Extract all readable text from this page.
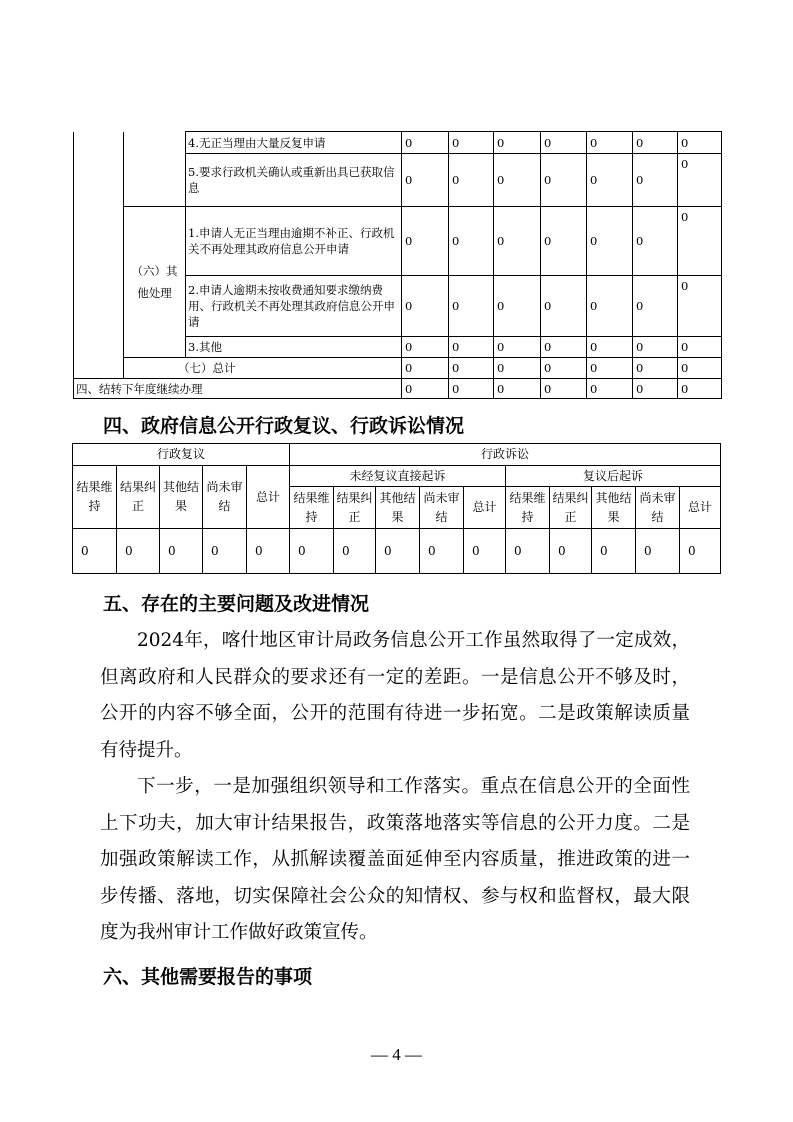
		4.无正当理由大量反复申请	0	0	0	0	0	0	0
		5.要求行政机关确认或重新出具已获取信息	0	0	0	0	0	0	0
	（六）其他处理	1.申请人无正当理由逾期不补正、行政机关不再处理其政府信息公开申请	0	0	0	0	0	0	0
		2.申请人逾期未按收费通知要求缴纳费用、行政机关不再处理其政府信息公开申请	0	0	0	0	0	0	0
		3.其他	0	0	0	0	0	0	0
	（七）总计		0	0	0	0	0	0	0
四、结转下年度继续办理			0	0	0	0	0	0	0
四、政府信息公开行政复议、行政诉讼情况
行政复议					行政诉讼									
结果维持	结果纠正	其他结果	尚未审结	总计	未经复议直接起诉					复议后起诉				
					结果维持	结果纠正	其他结果	尚未审结	总计	结果维持	结果纠正	其他结果	尚未审结	总计
0	0	0	0	0	0	0	0	0	0	0	0	0	0	0
五、存在的主要问题及改进情况

2024年，喀什地区审计局政务信息公开工作虽然取得了一定成效，但离政府和人民群众的要求还有一定的差距。一是信息公开不够及时，公开的内容不够全面，公开的范围有待进一步拓宽。二是政策解读质量有待提升。

下一步，一是加强组织领导和工作落实。重点在信息公开的全面性上下功夫，加大审计结果报告，政策落地落实等信息的公开力度。二是加强政策解读工作，从抓解读覆盖面延伸至内容质量，推进政策的进一步传播、落地，切实保障社会公众的知情权、参与权和监督权，最大限度为我州审计工作做好政策宣传。

六、其他需要报告的事项
— 4 —
